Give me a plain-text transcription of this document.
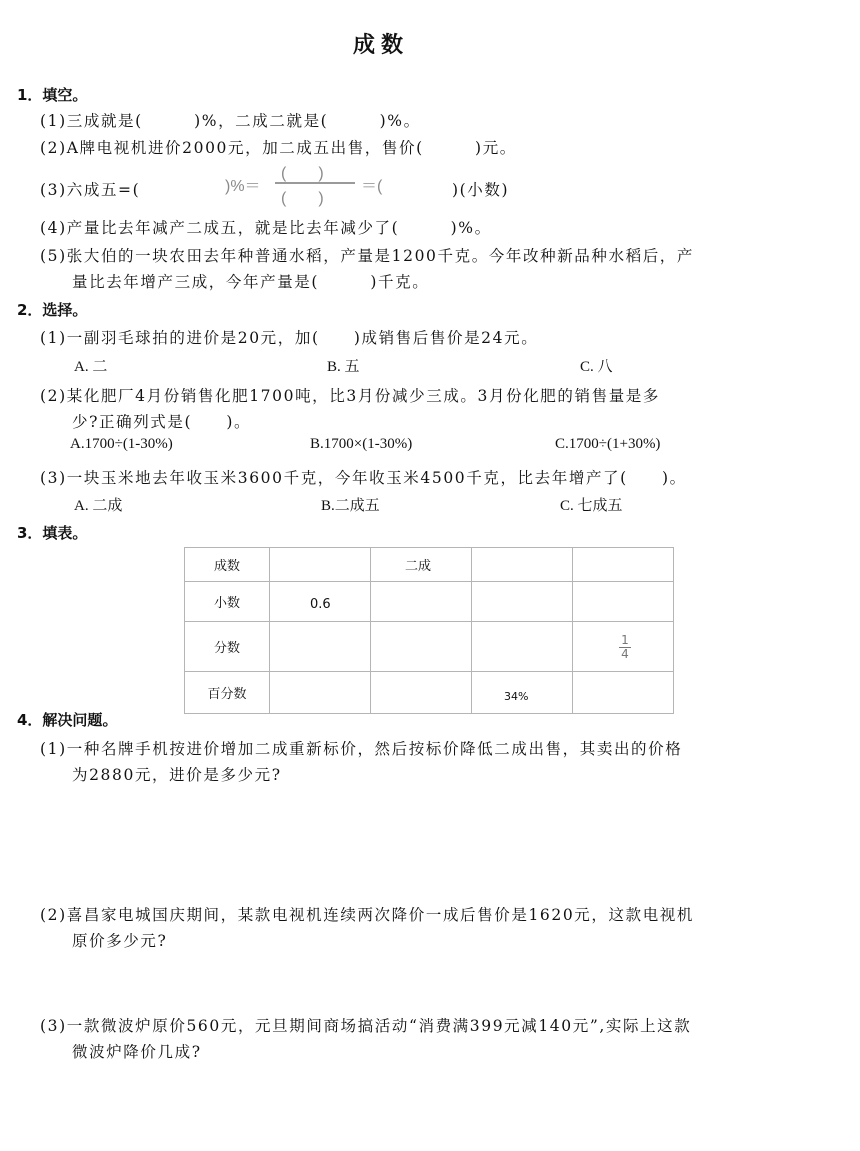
成数
1．填空。
(1)三成就是(　　　)%，二成二就是(　　　)%。
(2)A牌电视机进价2000元，加二成五出售，售价(　　　)元。
(3)六成五=(	)%＝
(　　)
(　　)
＝(	)(小数)
(4)产量比去年减产二成五，就是比去年减少了(　　　)%。
(5)张大伯的一块农田去年种普通水稻，产量是1200千克。今年改种新品种水稻后，产
量比去年增产三成，今年产量是(　　　)千克。
2．选择。
(1)一副羽毛球拍的进价是20元，加(　　)成销售后售价是24元。
A. 二	B. 五	C. 八
(2)某化肥厂4月份销售化肥1700吨，比3月份减少三成。3月份化肥的销售量是多
少?正确列式是(　　)。
A.1700÷(1-30%)	B.1700×(1-30%)	C.1700÷(1+30%)
(3)一块玉米地去年收玉米3600千克，今年收玉米4500千克，比去年增产了(　　)。
A. 二成	B.二成五	C. 七成五
3．填表。
成数		二成		
小数	0.6			
分数				$\frac{1}{4}$

百分数			34%	
4．解决问题。
(1)一种名牌手机按进价增加二成重新标价，然后按标价降低二成出售，其卖出的价格
为2880元，进价是多少元?
(2)喜昌家电城国庆期间，某款电视机连续两次降价一成后售价是1620元，这款电视机
原价多少元?
(3)一款微波炉原价560元，元旦期间商场搞活动“消费满399元减140元”,实际上这款
微波炉降价几成?
